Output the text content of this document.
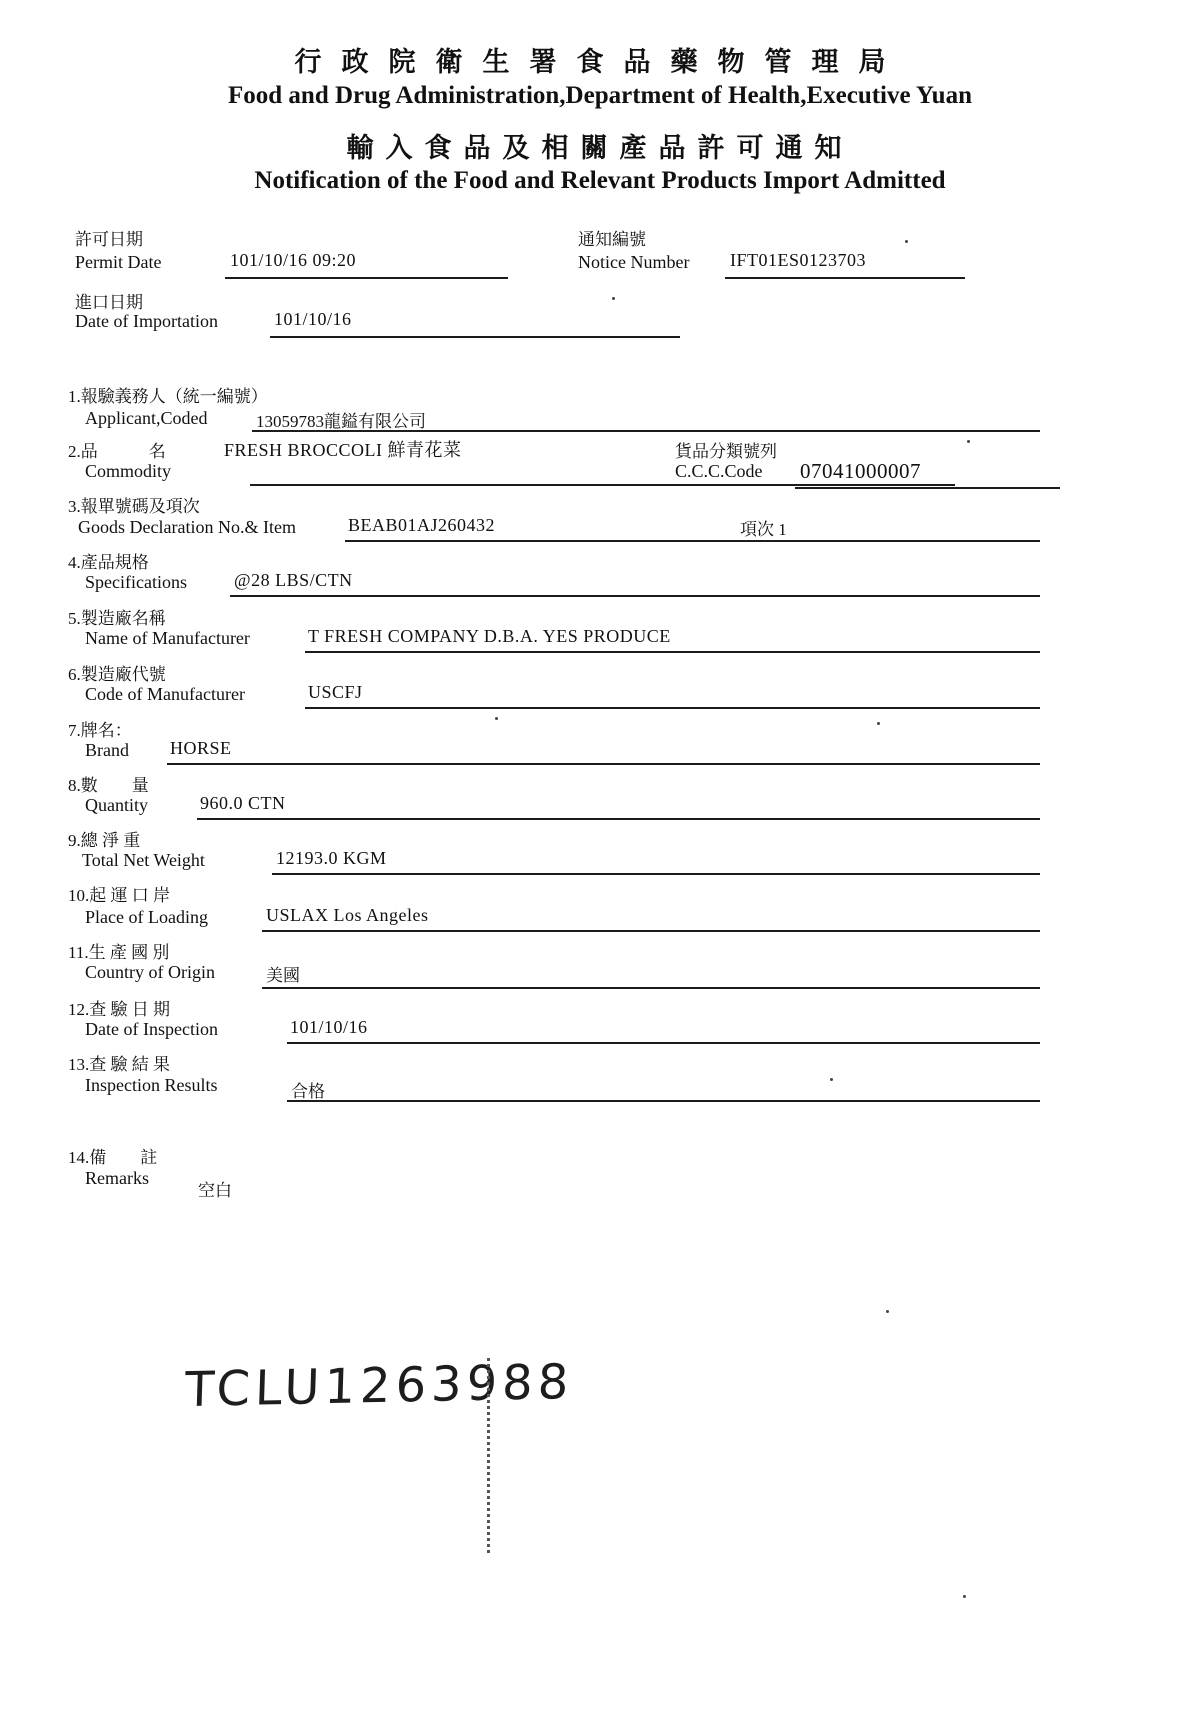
行政院衛生署食品藥物管理局
Food and Drug Administration,Department of Health,Executive Yuan
輸入食品及相關產品許可通知
Notification of the Food and Relevant Products Import Admitted
許可日期
Permit Date	101/10/16 09:20
通知編號
Notice Number IFT01ES0123703
進口日期
Date of Importation	101/10/16
1.報驗義務人（統一編號）
Applicant,Coded	13059783龍鎰有限公司
2.品　　　名	FRESH BROCCOLI 鮮青花菜
Commodity
貨品分類號列
C.C.C.Code 07041000007
3.報單號碼及項次
Goods Declaration No.& Item	BEAB01AJ260432	項次 1
4.產品規格
Specifications	@28 LBS/CTN
5.製造廠名稱
Name of Manufacturer	T FRESH COMPANY D.B.A. YES PRODUCE
6.製造廠代號
Code of Manufacturer	USCFJ
7.牌名：
Brand HORSE
8.數　　量
Quantity	960.0 CTN
9.總 淨 重
Total Net Weight	12193.0 KGM
10.起 運 口 岸
Place of Loading	USLAX Los Angeles
11.生 產 國 別
Country of Origin	美國
12.查 驗 日 期
Date of Inspection	101/10/16
13.查 驗 結 果
Inspection Results	合格
14.備　　註
Remarks
空白
TCLU1263988
